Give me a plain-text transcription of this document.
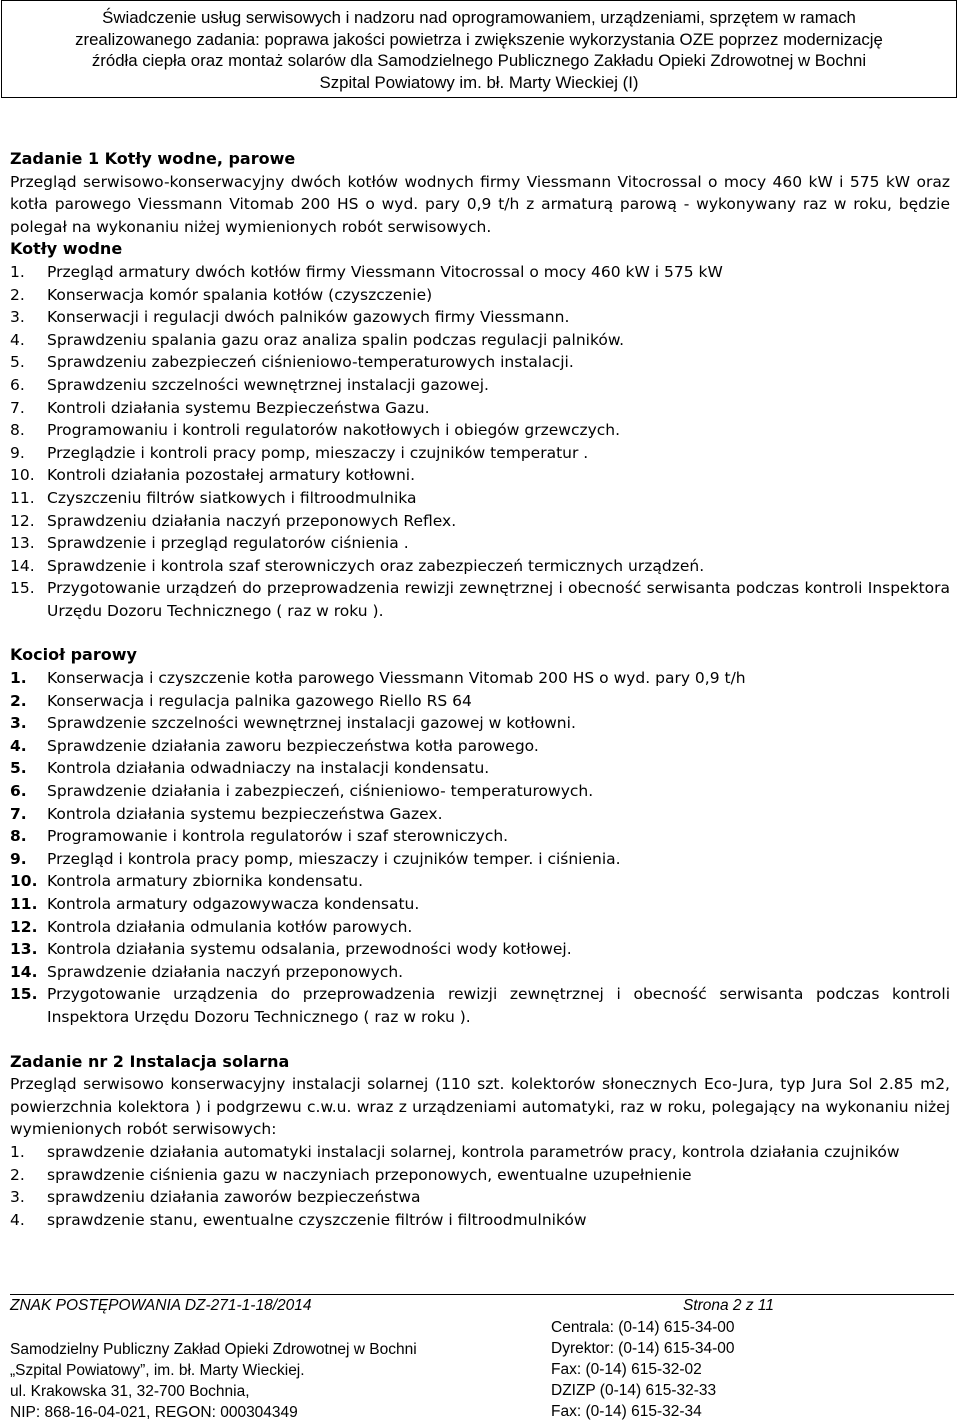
Świadczenie usług serwisowych i nadzoru nad oprogramowaniem, urządzeniami, sprzętem w ramach
zrealizowanego zadania: poprawa jakości powietrza i zwiększenie wykorzystania OZE poprzez modernizację
źródła ciepła oraz montaż solarów dla Samodzielnego Publicznego Zakładu Opieki Zdrowotnej w Bochni
Szpital Powiatowy im. bł. Marty Wieckiej (I)

Zadanie 1 Kotły wodne, parowe

Przegląd serwisowo-konserwacyjny dwóch kotłów wodnych firmy Viessmann Vitocrossal o mocy 460 kW i 575 kW oraz kotła parowego Viessmann Vitomab 200 HS o wyd. pary 0,9 t/h z armaturą parową - wykonywany raz w roku, będzie polegał na wykonaniu niżej wymienionych robót serwisowych.

Kotły wodne

1.	Przegląd armatury dwóch kotłów firmy Viessmann Vitocrossal o mocy 460 kW i 575 kW
2.	Konserwacja komór spalania kotłów (czyszczenie)
3.	Konserwacji i regulacji dwóch palników gazowych firmy Viessmann.
4.	Sprawdzeniu spalania gazu oraz analiza spalin podczas regulacji palników.
5.	Sprawdzeniu zabezpieczeń ciśnieniowo-temperaturowych instalacji.
6.	Sprawdzeniu szczelności wewnętrznej instalacji gazowej.
7.	Kontroli działania systemu Bezpieczeństwa Gazu.
8.	Programowaniu i kontroli regulatorów nakotłowych i obiegów grzewczych.
9.	Przeglądzie i kontroli pracy pomp, mieszaczy i czujników temperatur .
10. Kontroli działania pozostałej armatury kotłowni.
11. Czyszczeniu filtrów siatkowych i filtroodmulnika
12. Sprawdzeniu działania naczyń przeponowych Reflex.
13. Sprawdzenie i przegląd regulatorów ciśnienia .
14. Sprawdzenie i kontrola szaf sterowniczych oraz zabezpieczeń termicznych urządzeń.
15. Przygotowanie urządzeń do przeprowadzenia rewizji zewnętrznej i obecność serwisanta podczas kontroli Inspektora Urzędu Dozoru Technicznego ( raz w roku ).

Kocioł parowy

1.	Konserwacja i czyszczenie kotła parowego Viessmann Vitomab 200 HS o wyd. pary 0,9 t/h
2.	Konserwacja i regulacja palnika gazowego Riello RS 64
3.	Sprawdzenie szczelności wewnętrznej instalacji gazowej w kotłowni.
4.	Sprawdzenie działania zaworu bezpieczeństwa kotła parowego.
5.	Kontrola działania odwadniaczy na instalacji kondensatu.
6.	Sprawdzenie działania i zabezpieczeń, ciśnieniowo- temperaturowych.
7.	Kontrola działania systemu bezpieczeństwa Gazex.
8.	Programowanie i kontrola regulatorów i szaf sterowniczych.
9.	Przegląd i kontrola pracy pomp, mieszaczy i czujników temper. i ciśnienia.
10. Kontrola armatury zbiornika kondensatu.
11. Kontrola armatury odgazowywacza kondensatu.
12. Kontrola działania odmulania kotłów parowych.
13. Kontrola działania systemu odsalania, przewodności wody kotłowej.
14. Sprawdzenie działania naczyń przeponowych.
15. Przygotowanie urządzenia do przeprowadzenia rewizji zewnętrznej i obecność serwisanta podczas kontroli Inspektora Urzędu Dozoru Technicznego ( raz w roku ).

Zadanie nr 2 Instalacja solarna

Przegląd serwisowo konserwacyjny instalacji solarnej (110 szt. kolektorów słonecznych Eco-Jura, typ Jura Sol 2.85 m2, powierzchnia kolektora ) i podgrzewu c.w.u. wraz z urządzeniami automatyki, raz w roku, polegający na wykonaniu niżej wymienionych robót serwisowych:

1.	sprawdzenie działania automatyki instalacji solarnej, kontrola parametrów pracy, kontrola działania czujników
2.	sprawdzenie ciśnienia gazu w naczyniach przeponowych, ewentualne uzupełnienie
3.	sprawdzeniu działania zaworów bezpieczeństwa
4.	sprawdzenie stanu, ewentualne czyszczenie filtrów i filtroodmulników
ZNAK POSTĘPOWANIA DZ-271-1-18/2014	Strona 2 z 11
Samodzielny Publiczny Zakład Opieki Zdrowotnej w Bochni
„Szpital Powiatowy”, im. bł. Marty Wieckiej.
ul. Krakowska 31, 32-700 Bochnia,
NIP: 868-16-04-021, REGON: 000304349
Centrala: (0-14) 615-34-00
Dyrektor: (0-14) 615-34-00
Fax: (0-14) 615-32-02
DZIZP (0-14) 615-32-33
Fax: (0-14) 615-32-34
